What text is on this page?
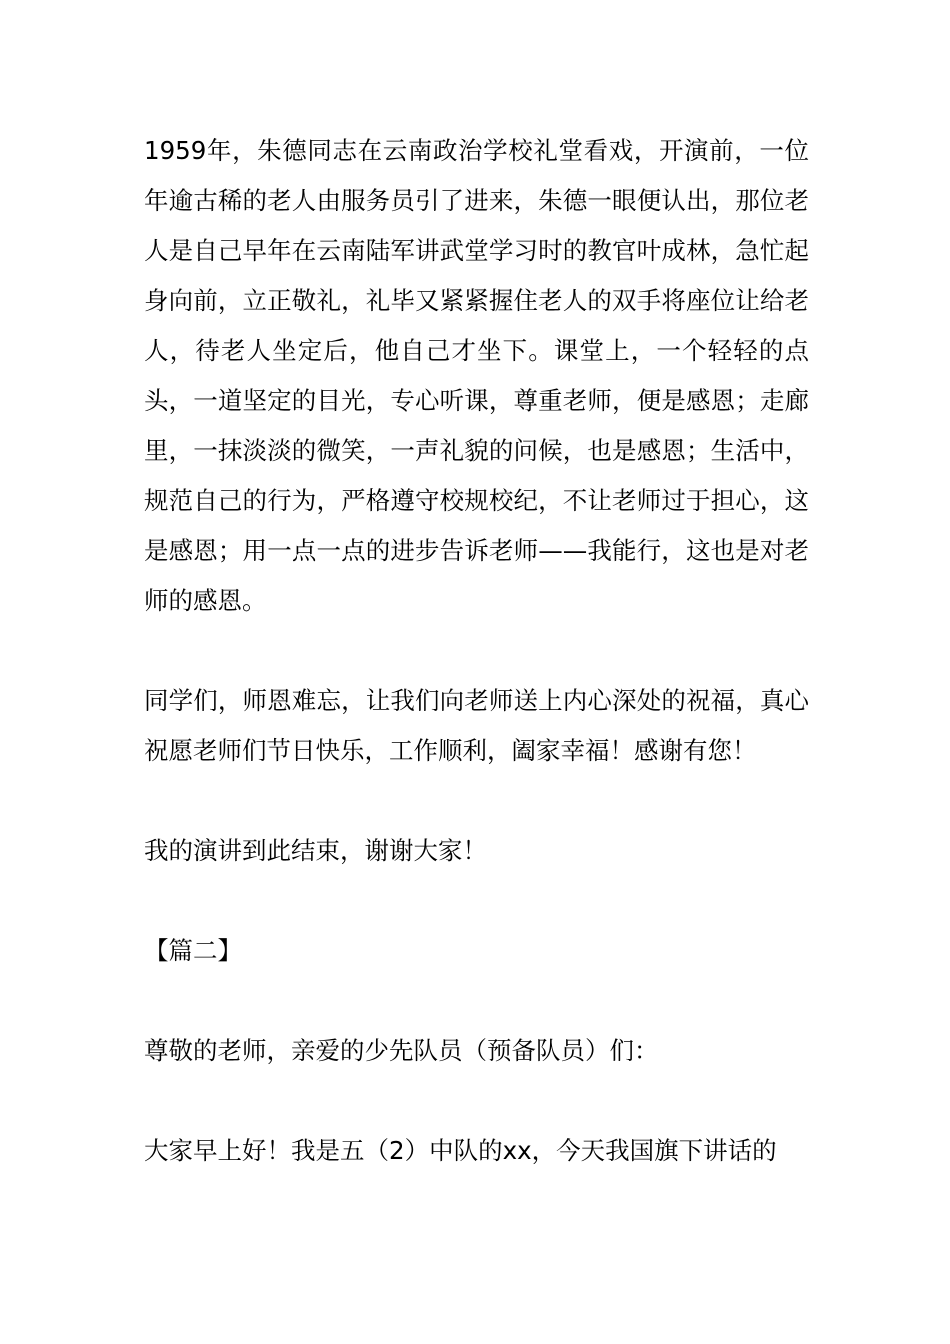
1959年，朱德同志在云南政治学校礼堂看戏，开演前，一位年逾古稀的老人由服务员引了进来，朱德一眼便认出，那位老人是自己早年在云南陆军讲武堂学习时的教官叶成林，急忙起身向前，立正敬礼，礼毕又紧紧握住老人的双手将座位让给老人，待老人坐定后，他自己才坐下。课堂上，一个轻轻的点头，一道坚定的目光，专心听课，尊重老师，便是感恩；走廊里，一抹淡淡的微笑，一声礼貌的问候，也是感恩；生活中，规范自己的行为，严格遵守校规校纪，不让老师过于担心，这是感恩；用一点一点的进步告诉老师——我能行，这也是对老师的感恩。

同学们，师恩难忘，让我们向老师送上内心深处的祝福，真心祝愿老师们节日快乐，工作顺利，阖家幸福！感谢有您！

我的演讲到此结束，谢谢大家！

【篇二】

尊敬的老师，亲爱的少先队员（预备队员）们：

大家早上好！我是五（2）中队的xx，今天我国旗下讲话的
